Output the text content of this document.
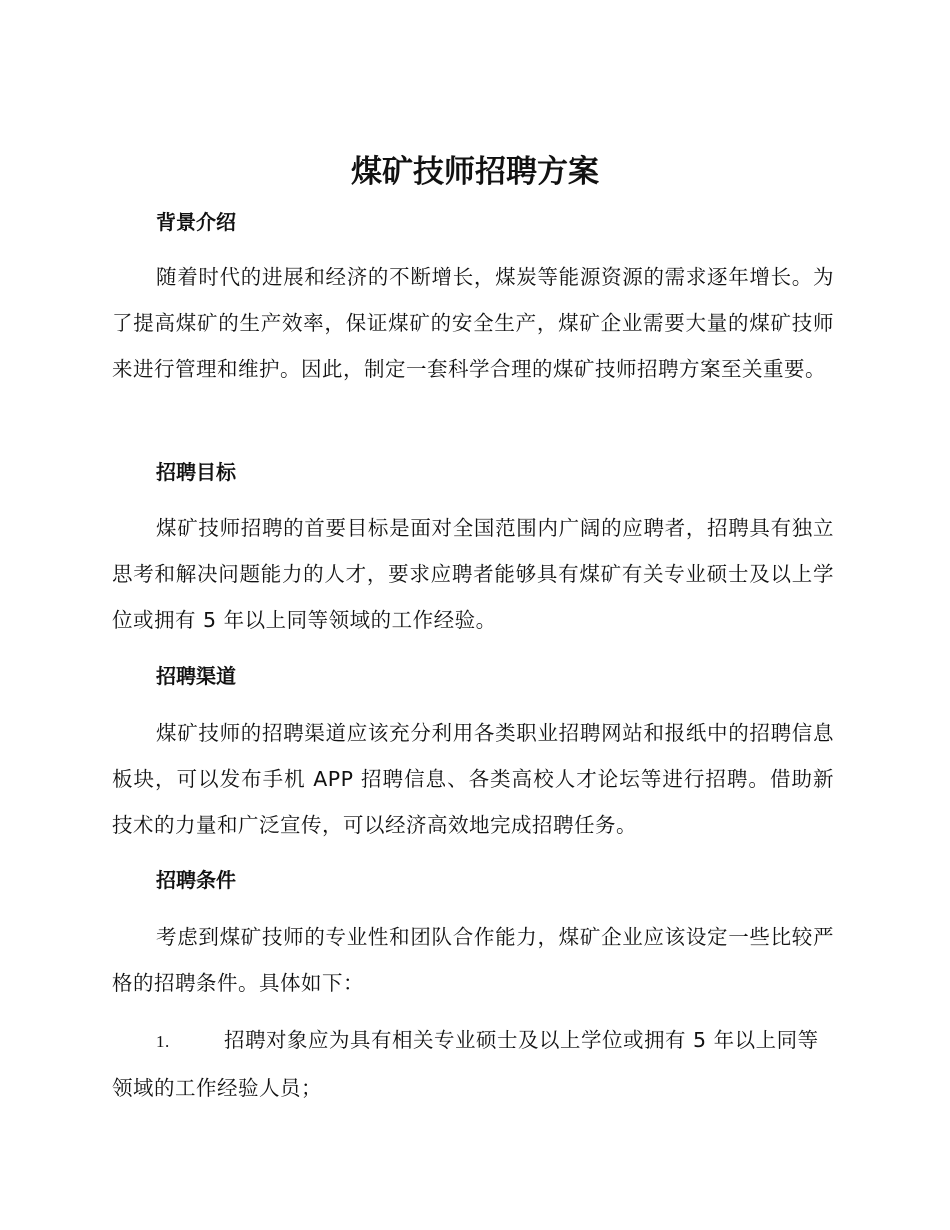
煤矿技师招聘方案
背景介绍

随着时代的进展和经济的不断增长，煤炭等能源资源的需求逐年增长。为了提高煤矿的生产效率，保证煤矿的安全生产，煤矿企业需要大量的煤矿技师来进行管理和维护。因此，制定一套科学合理的煤矿技师招聘方案至关重要。

招聘目标

煤矿技师招聘的首要目标是面对全国范围内广阔的应聘者，招聘具有独立思考和解决问题能力的人才，要求应聘者能够具有煤矿有关专业硕士及以上学位或拥有 5 年以上同等领域的工作经验。

招聘渠道

煤矿技师的招聘渠道应该充分利用各类职业招聘网站和报纸中的招聘信息板块，可以发布手机 APP 招聘信息、各类高校人才论坛等进行招聘。借助新技术的力量和广泛宣传，可以经济高效地完成招聘任务。

招聘条件

考虑到煤矿技师的专业性和团队合作能力，煤矿企业应该设定一些比较严格的招聘条件。具体如下：

1.	招聘对象应为具有相关专业硕士及以上学位或拥有 5 年以上同等领域的工作经验人员；
